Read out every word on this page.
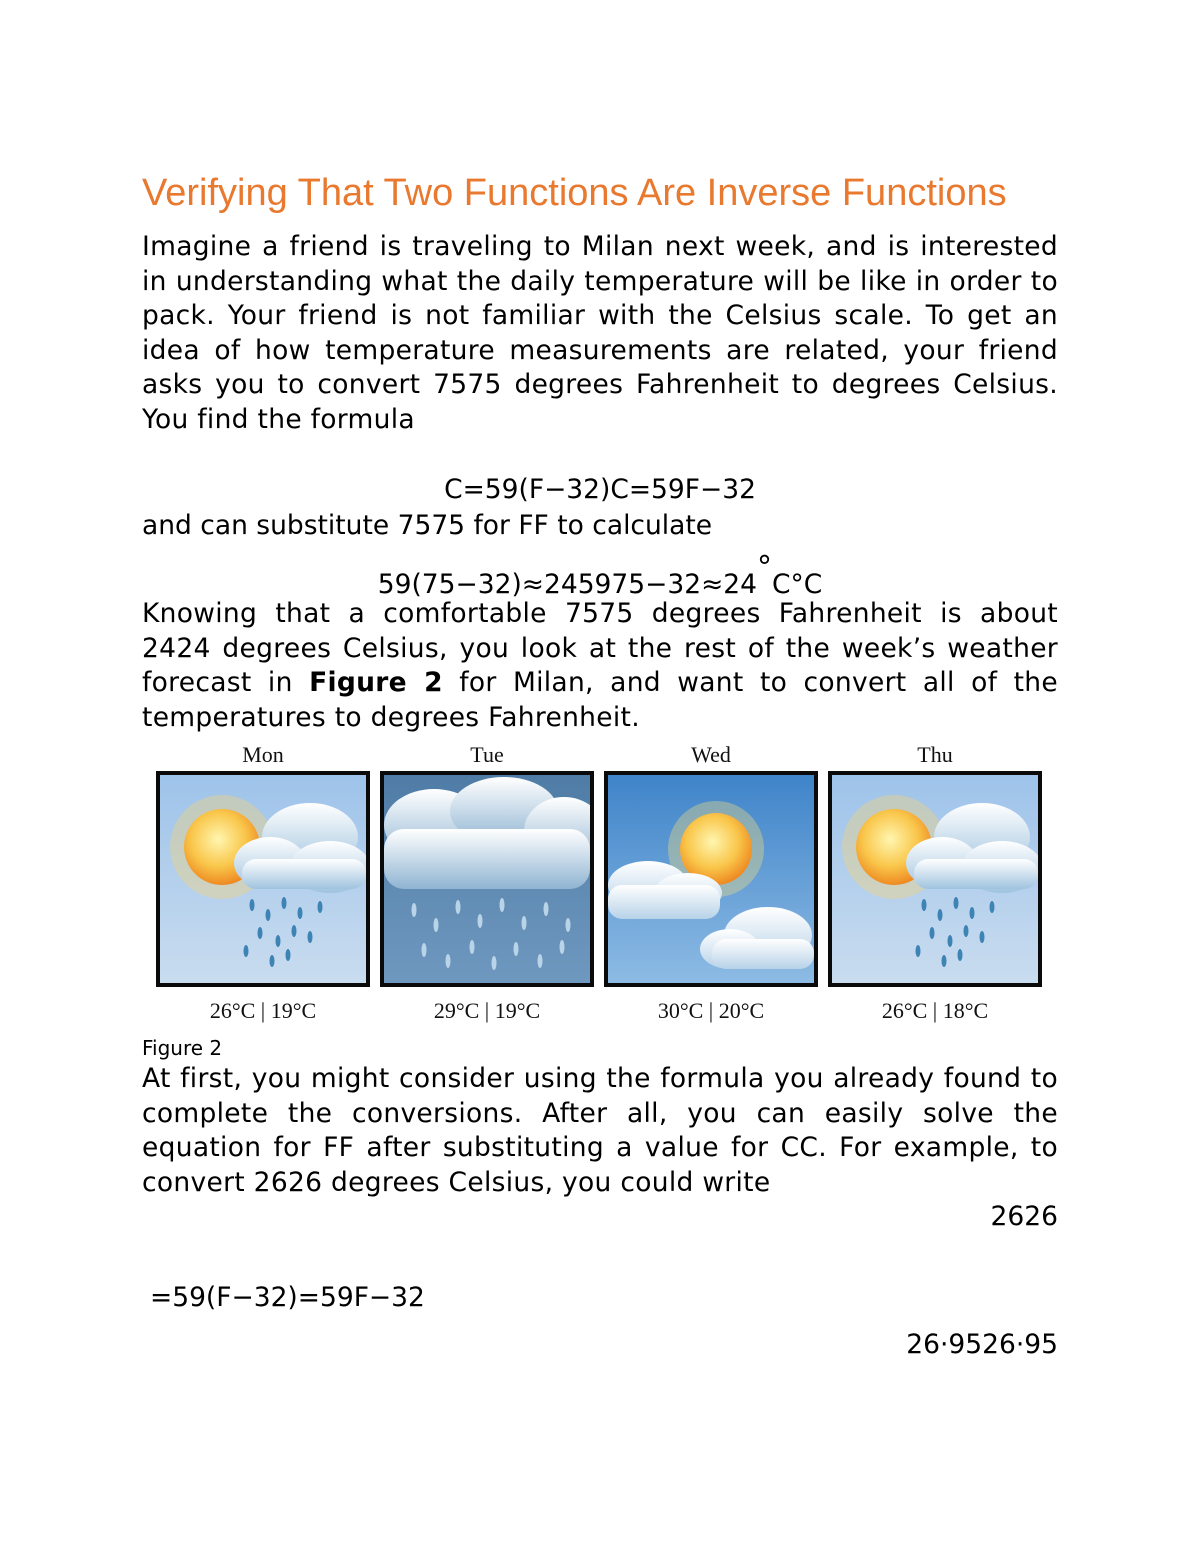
Verifying That Two Functions Are Inverse Functions
Imagine a friend is traveling to Milan next week, and is interested in understanding what the daily temperature will be like in order to pack. Your friend is not familiar with the Celsius scale. To get an idea of how temperature measurements are related, your friend asks you to convert 7575 degrees Fahrenheit to degrees Celsius. You find the formula
C=59(F−32)C=59F−32
and can substitute 7575 for FF to calculate
59(75−32)≈245975−32≈24°C°C
Knowing that a comfortable 7575 degrees Fahrenheit is about 2424 degrees Celsius, you look at the rest of the week’s weather forecast in Figure 2 for Milan, and want to convert all of the temperatures to degrees Fahrenheit.
Mon	Tue	Wed	Thu
26°C | 19°C	29°C | 19°C	30°C | 20°C	26°C | 18°C
Figure 2
At first, you might consider using the formula you already found to complete the conversions. After all, you can easily solve the equation for FF after substituting a value for CC. For example, to convert 2626 degrees Celsius, you could write
2626
=59(F−32)=59F−32
26·9526·95
